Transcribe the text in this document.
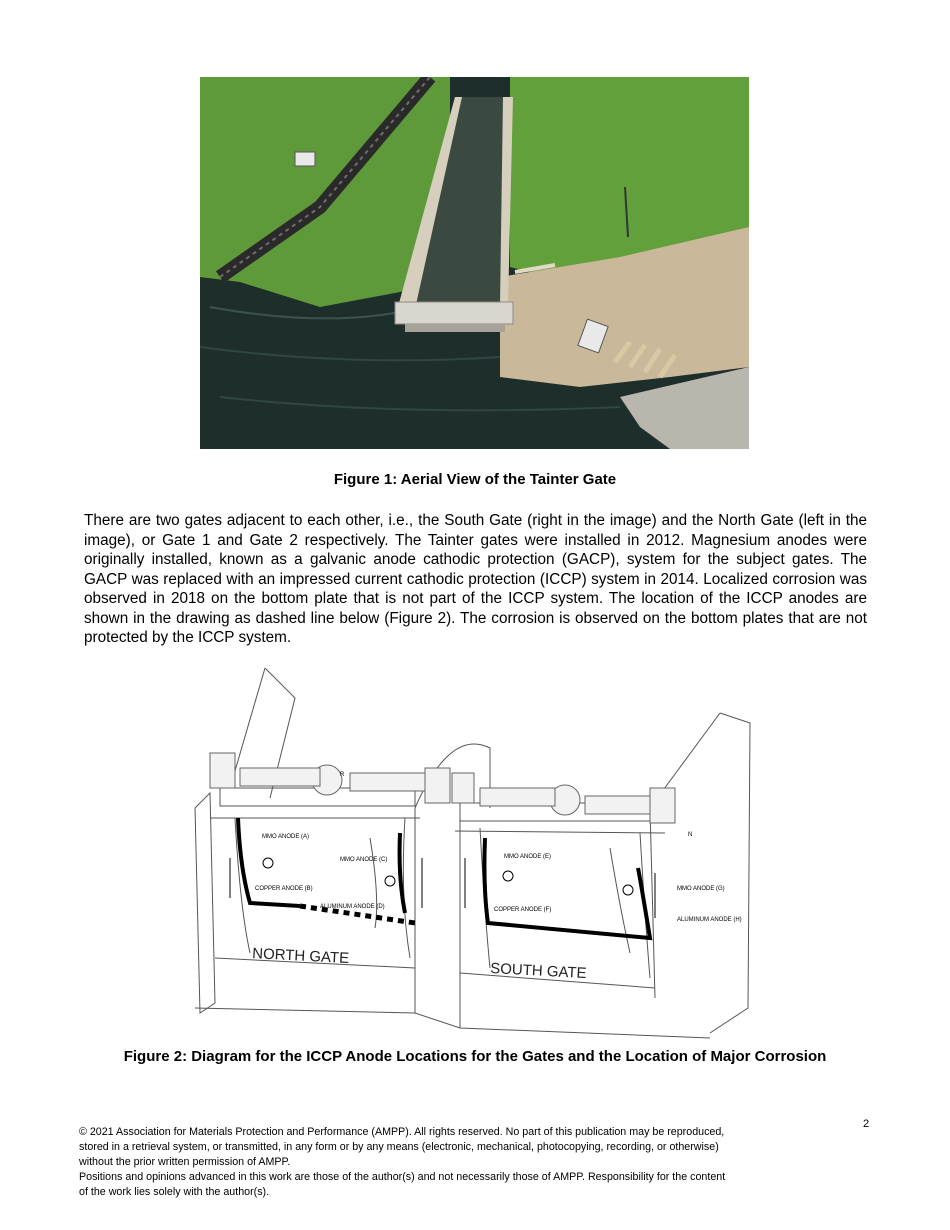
Figure 1: Aerial View of the Tainter Gate
There are two gates adjacent to each other, i.e., the South Gate (right in the image) and the North Gate (left in the image), or Gate 1 and Gate 2 respectively. The Tainter gates were installed in 2012. Magnesium anodes were originally installed, known as a galvanic anode cathodic protection (GACP), system for the subject gates. The GACP was replaced with an impressed current cathodic protection (ICCP) system in 2014. Localized corrosion was observed in 2018 on the bottom plate that is not part of the ICCP system. The location of the ICCP anodes are shown in the drawing as dashed line below (Figure 2). The corrosion is observed on the bottom plates that are not protected by the ICCP system.
MMO ANODE (A)
COPPER ANODE (B)
MMO ANODE (C)
ALUMINUM ANODE (D)
MMO ANODE (E)
COPPER ANODE (F)
MMO ANODE (G)
ALUMINUM ANODE (H)
R
N
NORTH GATE
SOUTH GATE
Figure 2: Diagram for the ICCP Anode Locations for the Gates and the Location of Major Corrosion
2
© 2021 Association for Materials Protection and Performance (AMPP). All rights reserved. No part of this publication may be reproduced,
stored in a retrieval system, or transmitted, in any form or by any means (electronic, mechanical, photocopying, recording, or otherwise)
without the prior written permission of AMPP.
Positions and opinions advanced in this work are those of the author(s) and not necessarily those of AMPP. Responsibility for the content
of the work lies solely with the author(s).
